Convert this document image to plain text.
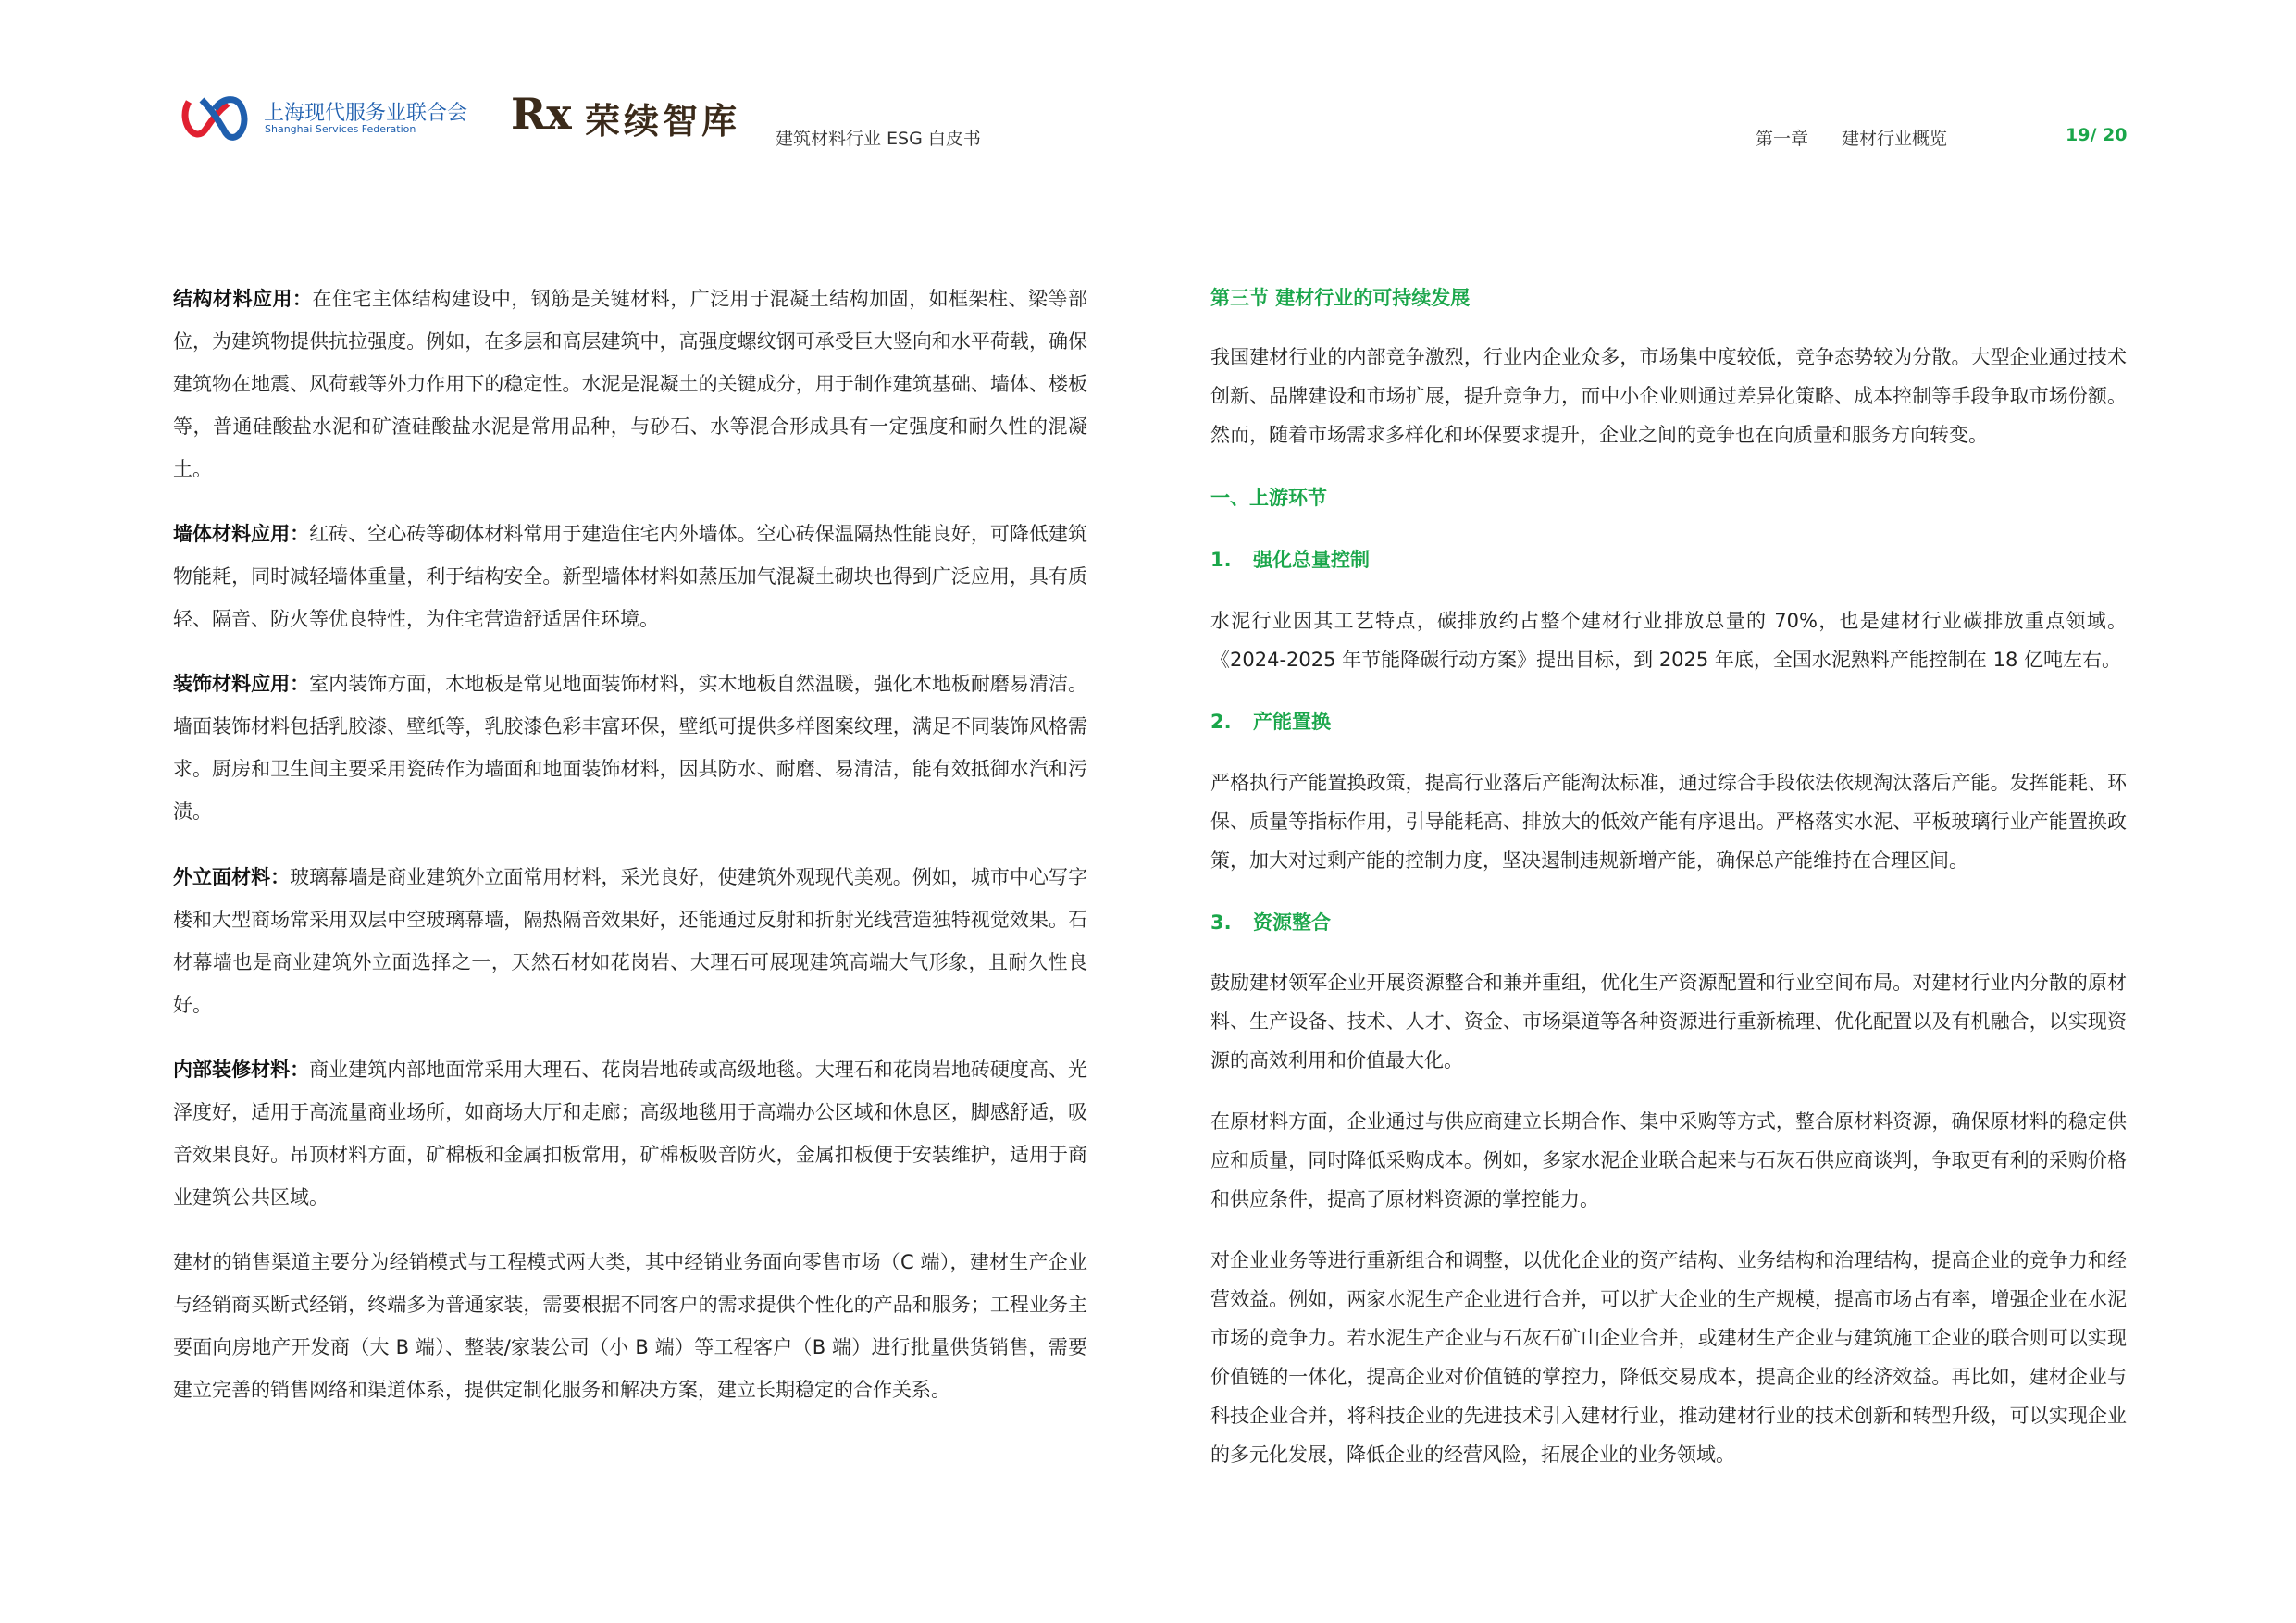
上海现代服务业联合会
Shanghai Services Federation Rx 荣续智库 建筑材料行业 ESG 白皮书	第一章 建材行业概览	19/ 20

结构材料应用：在住宅主体结构建设中，钢筋是关键材料，广泛用于混凝土结构加固，如框架柱、梁等部位，为建筑物提供抗拉强度。例如，在多层和高层建筑中，高强度螺纹钢可承受巨大竖向和水平荷载，确保建筑物在地震、风荷载等外力作用下的稳定性。水泥是混凝土的关键成分，用于制作建筑基础、墙体、楼板等，普通硅酸盐水泥和矿渣硅酸盐水泥是常用品种，与砂石、水等混合形成具有一定强度和耐久性的混凝土。

墙体材料应用：红砖、空心砖等砌体材料常用于建造住宅内外墙体。空心砖保温隔热性能良好，可降低建筑物能耗，同时减轻墙体重量，利于结构安全。新型墙体材料如蒸压加气混凝土砌块也得到广泛应用，具有质轻、隔音、防火等优良特性，为住宅营造舒适居住环境。

装饰材料应用：室内装饰方面，木地板是常见地面装饰材料，实木地板自然温暖，强化木地板耐磨易清洁。墙面装饰材料包括乳胶漆、壁纸等，乳胶漆色彩丰富环保，壁纸可提供多样图案纹理，满足不同装饰风格需求。厨房和卫生间主要采用瓷砖作为墙面和地面装饰材料，因其防水、耐磨、易清洁，能有效抵御水汽和污渍。

外立面材料：玻璃幕墙是商业建筑外立面常用材料，采光良好，使建筑外观现代美观。例如，城市中心写字楼和大型商场常采用双层中空玻璃幕墙，隔热隔音效果好，还能通过反射和折射光线营造独特视觉效果。石材幕墙也是商业建筑外立面选择之一，天然石材如花岗岩、大理石可展现建筑高端大气形象，且耐久性良好。

内部装修材料：商业建筑内部地面常采用大理石、花岗岩地砖或高级地毯。大理石和花岗岩地砖硬度高、光泽度好，适用于高流量商业场所，如商场大厅和走廊；高级地毯用于高端办公区域和休息区，脚感舒适，吸音效果良好。吊顶材料方面，矿棉板和金属扣板常用，矿棉板吸音防火，金属扣板便于安装维护，适用于商业建筑公共区域。

建材的销售渠道主要分为经销模式与工程模式两大类，其中经销业务面向零售市场（C 端），建材生产企业与经销商买断式经销，终端多为普通家装，需要根据不同客户的需求提供个性化的产品和服务；工程业务主要面向房地产开发商（大 B 端）、整装/家装公司（小 B 端）等工程客户（B 端）进行批量供货销售，需要建立完善的销售网络和渠道体系，提供定制化服务和解决方案，建立长期稳定的合作关系。

第三节 建材行业的可持续发展

我国建材行业的内部竞争激烈，行业内企业众多，市场集中度较低，竞争态势较为分散。大型企业通过技术创新、品牌建设和市场扩展，提升竞争力，而中小企业则通过差异化策略、成本控制等手段争取市场份额。然而，随着市场需求多样化和环保要求提升，企业之间的竞争也在向质量和服务方向转变。

一、上游环节
1. 强化总量控制

水泥行业因其工艺特点，碳排放约占整个建材行业排放总量的 70%，也是建材行业碳排放重点领域。《2024-2025 年节能降碳行动方案》提出目标，到 2025 年底，全国水泥熟料产能控制在 18 亿吨左右。

2. 产能置换

严格执行产能置换政策，提高行业落后产能淘汰标准，通过综合手段依法依规淘汰落后产能。发挥能耗、环保、质量等指标作用，引导能耗高、排放大的低效产能有序退出。严格落实水泥、平板玻璃行业产能置换政策，加大对过剩产能的控制力度，坚决遏制违规新增产能，确保总产能维持在合理区间。

3. 资源整合

鼓励建材领军企业开展资源整合和兼并重组，优化生产资源配置和行业空间布局。对建材行业内分散的原材料、生产设备、技术、人才、资金、市场渠道等各种资源进行重新梳理、优化配置以及有机融合，以实现资源的高效利用和价值最大化。

在原材料方面，企业通过与供应商建立长期合作、集中采购等方式，整合原材料资源，确保原材料的稳定供应和质量，同时降低采购成本。例如，多家水泥企业联合起来与石灰石供应商谈判，争取更有利的采购价格和供应条件，提高了原材料资源的掌控能力。

对企业业务等进行重新组合和调整，以优化企业的资产结构、业务结构和治理结构，提高企业的竞争力和经营效益。例如，两家水泥生产企业进行合并，可以扩大企业的生产规模，提高市场占有率，增强企业在水泥市场的竞争力。若水泥生产企业与石灰石矿山企业合并，或建材生产企业与建筑施工企业的联合则可以实现价值链的一体化，提高企业对价值链的掌控力，降低交易成本，提高企业的经济效益。再比如，建材企业与科技企业合并，将科技企业的先进技术引入建材行业，推动建材行业的技术创新和转型升级，可以实现企业的多元化发展，降低企业的经营风险，拓展企业的业务领域。
